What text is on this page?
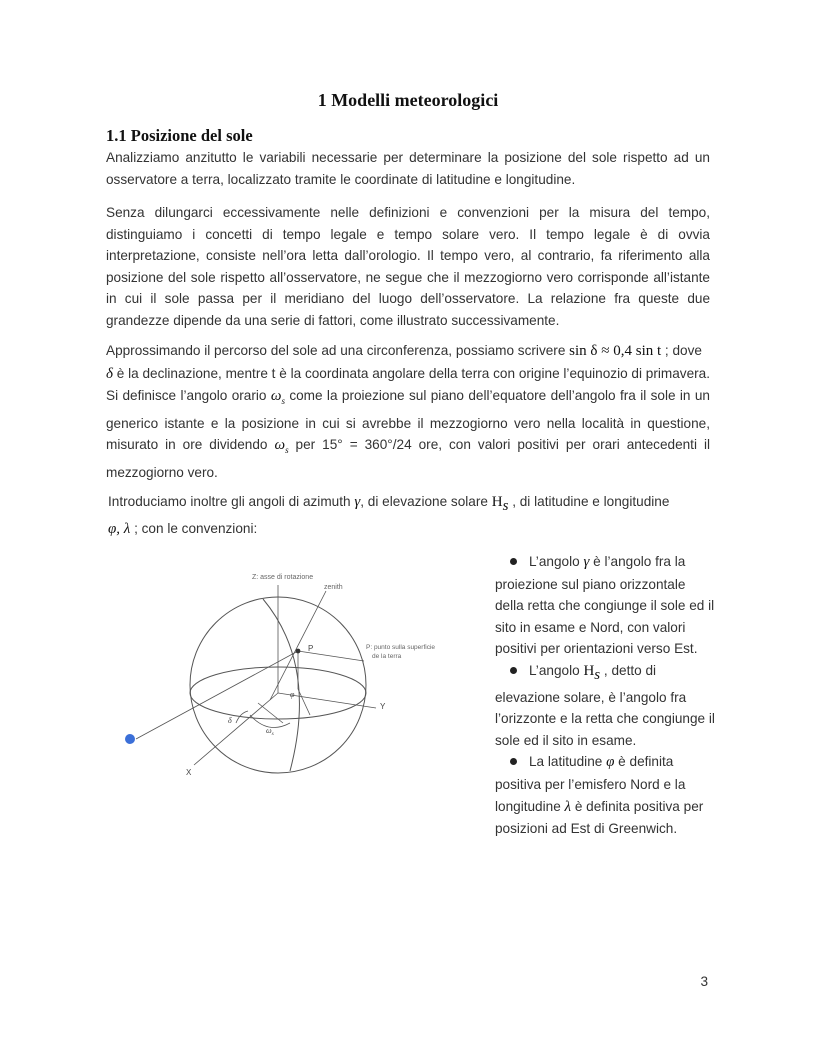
1 Modelli meteorologici
1.1 Posizione del sole

Analizziamo anzitutto le variabili necessarie per determinare la posizione del sole rispetto ad un osservatore a terra, localizzato tramite le coordinate di latitudine e longitudine.

Senza dilungarci eccessivamente nelle definizioni e convenzioni per la misura del tempo, distinguiamo i concetti di tempo legale e tempo solare vero. Il tempo legale è di ovvia interpretazione, consiste nell’ora letta dall’orologio. Il tempo vero, al contrario, fa riferimento alla posizione del sole rispetto all’osservatore, ne segue che il mezzogiorno vero corrisponde all’istante in cui il sole passa per il meridiano del luogo dell’osservatore. La relazione fra queste due grandezze dipende da una serie di fattori, come illustrato successivamente.

Approssimando il percorso del sole ad una circonferenza, possiamo scrivere sin δ ≈ 0,4 sin t ; dove
δ è la declinazione, mentre t è la coordinata angolare della terra con origine l’equinozio di primavera. Si definisce l’angolo orario $\omega_s$ come la proiezione sul piano dell’equatore dell’angolo fra il sole in un generico istante e la posizione in cui si avrebbe il mezzogiorno vero nella località in questione, misurato in ore dividendo $\omega_s$ per 15° = 360°/24 ore, con valori positivi per orari antecedenti il mezzogiorno vero.

Introduciamo inoltre gli angoli di azimuth γ, di elevazione solare $H_s$ , di latitudine e longitudine
φ, λ ; con le convenzioni:

Z: asse di rotazione
zenith
P	P: punto sulla superficie
de la terra
Y
X
δ
φ
$\omega_s$
L’angolo γ è l’angolo fra la proiezione sul piano orizzontale della retta che congiunge il sole ed il sito in esame e Nord, con valori positivi per orientazioni verso Est.
L’angolo $H_s$ , detto di elevazione solare, è l’angolo fra l’orizzonte e la retta che congiunge il sole ed il sito in esame.
La latitudine φ è definita positiva per l’emisfero Nord e la longitudine λ è definita positiva per posizioni ad Est di Greenwich.
3
